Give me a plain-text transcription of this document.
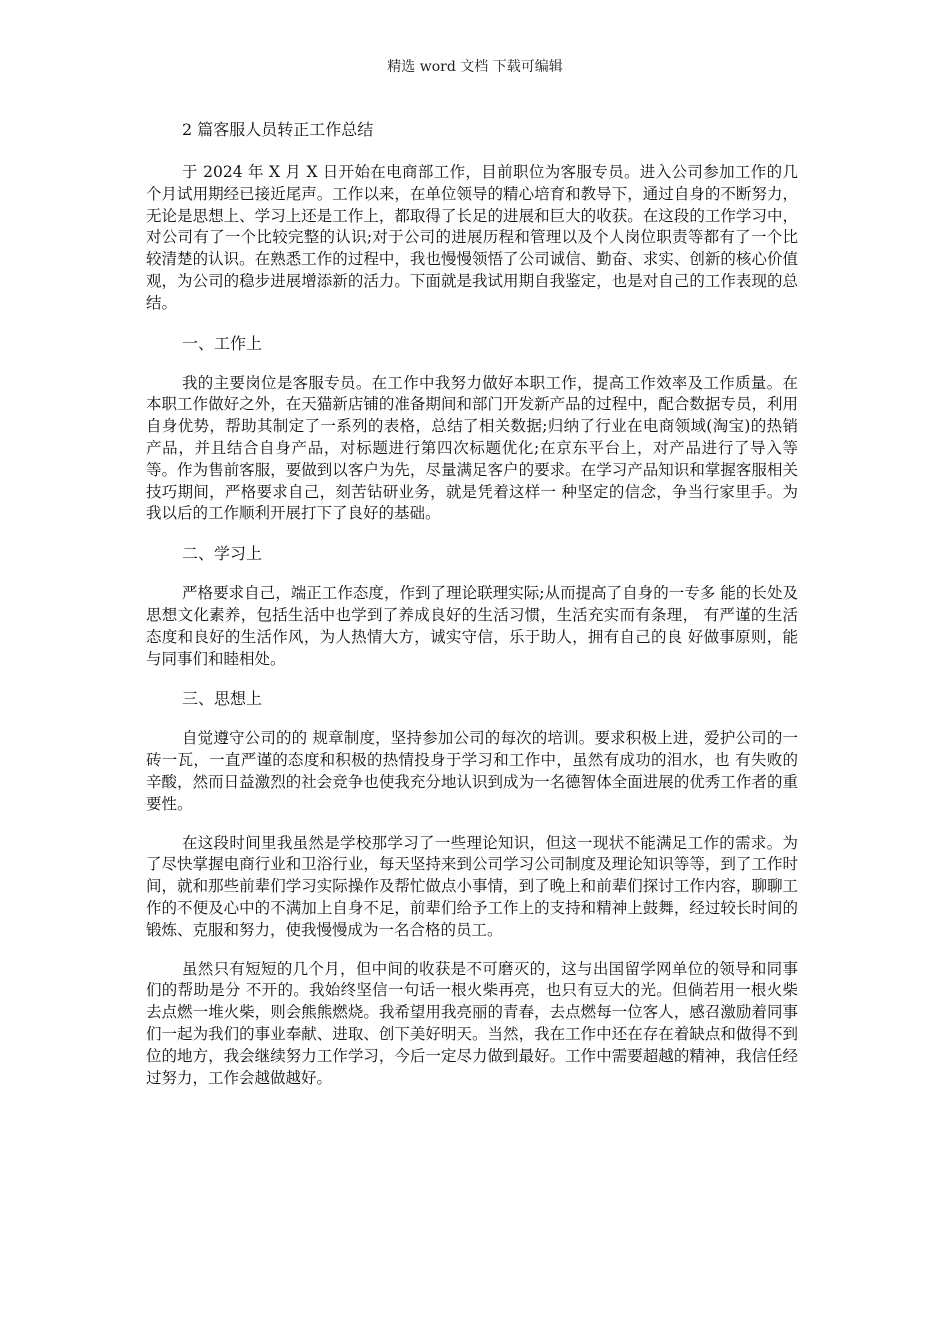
精选 word 文档 下载可编辑
2 篇客服人员转正工作总结

于 2024 年 X 月 X 日开始在电商部工作，目前职位为客服专员。进入公司参加工作的几个月试用期经已接近尾声。工作以来，在单位领导的精心培育和教导下，通过自身的不断努力，无论是思想上、学习上还是工作上，都取得了长足的进展和巨大的收获。在这段的工作学习中，对公司有了一个比较完整的认识;对于公司的进展历程和管理以及个人岗位职责等都有了一个比较清楚的认识。在熟悉工作的过程中，我也慢慢领悟了公司诚信、勤奋、求实、创新的核心价值观，为公司的稳步进展增添新的活力。下面就是我试用期自我鉴定，也是对自己的工作表现的总结。

一、工作上

我的主要岗位是客服专员。在工作中我努力做好本职工作，提高工作效率及工作质量。在本职工作做好之外，在天猫新店铺的准备期间和部门开发新产品的过程中，配合数据专员，利用自身优势，帮助其制定了一系列的表格，总结了相关数据;归纳了行业在电商领域(淘宝)的热销产品，并且结合自身产品，对标题进行第四次标题优化;在京东平台上，对产品进行了导入等等。作为售前客服，要做到以客户为先，尽量满足客户的要求。在学习产品知识和掌握客服相关技巧期间，严格要求自己，刻苦钻研业务，就是凭着这样一 种坚定的信念，争当行家里手。为我以后的工作顺利开展打下了良好的基础。

二、学习上

严格要求自己，端正工作态度，作到了理论联理实际;从而提高了自身的一专多 能的长处及思想文化素养，包括生活中也学到了养成良好的生活习惯，生活充实而有条理， 有严谨的生活态度和良好的生活作风，为人热情大方，诚实守信，乐于助人，拥有自己的良 好做事原则，能与同事们和睦相处。

三、思想上

自觉遵守公司的的 规章制度，坚持参加公司的每次的培训。要求积极上进，爱护公司的一砖一瓦，一直严谨的态度和积极的热情投身于学习和工作中，虽然有成功的泪水，也 有失败的辛酸，然而日益激烈的社会竞争也使我充分地认识到成为一名德智体全面进展的优秀工作者的重要性。

在这段时间里我虽然是学校那学习了一些理论知识，但这一现状不能满足工作的需求。为了尽快掌握电商行业和卫浴行业，每天坚持来到公司学习公司制度及理论知识等等，到了工作时间，就和那些前辈们学习实际操作及帮忙做点小事情，到了晚上和前辈们探讨工作内容，聊聊工作的不便及心中的不满加上自身不足，前辈们给予工作上的支持和精神上鼓舞，经过较长时间的锻炼、克服和努力，使我慢慢成为一名合格的员工。

虽然只有短短的几个月，但中间的收获是不可磨灭的，这与出国留学网单位的领导和同事们的帮助是分 不开的。我始终坚信一句话一根火柴再亮，也只有豆大的光。但倘若用一根火柴去点燃一堆火柴，则会熊熊燃烧。我希望用我亮丽的青春，去点燃每一位客人，感召激励着同事们一起为我们的事业奉献、进取、创下美好明天。当然，我在工作中还在存在着缺点和做得不到位的地方，我会继续努力工作学习，今后一定尽力做到最好。工作中需要超越的精神，我信任经过努力，工作会越做越好。
